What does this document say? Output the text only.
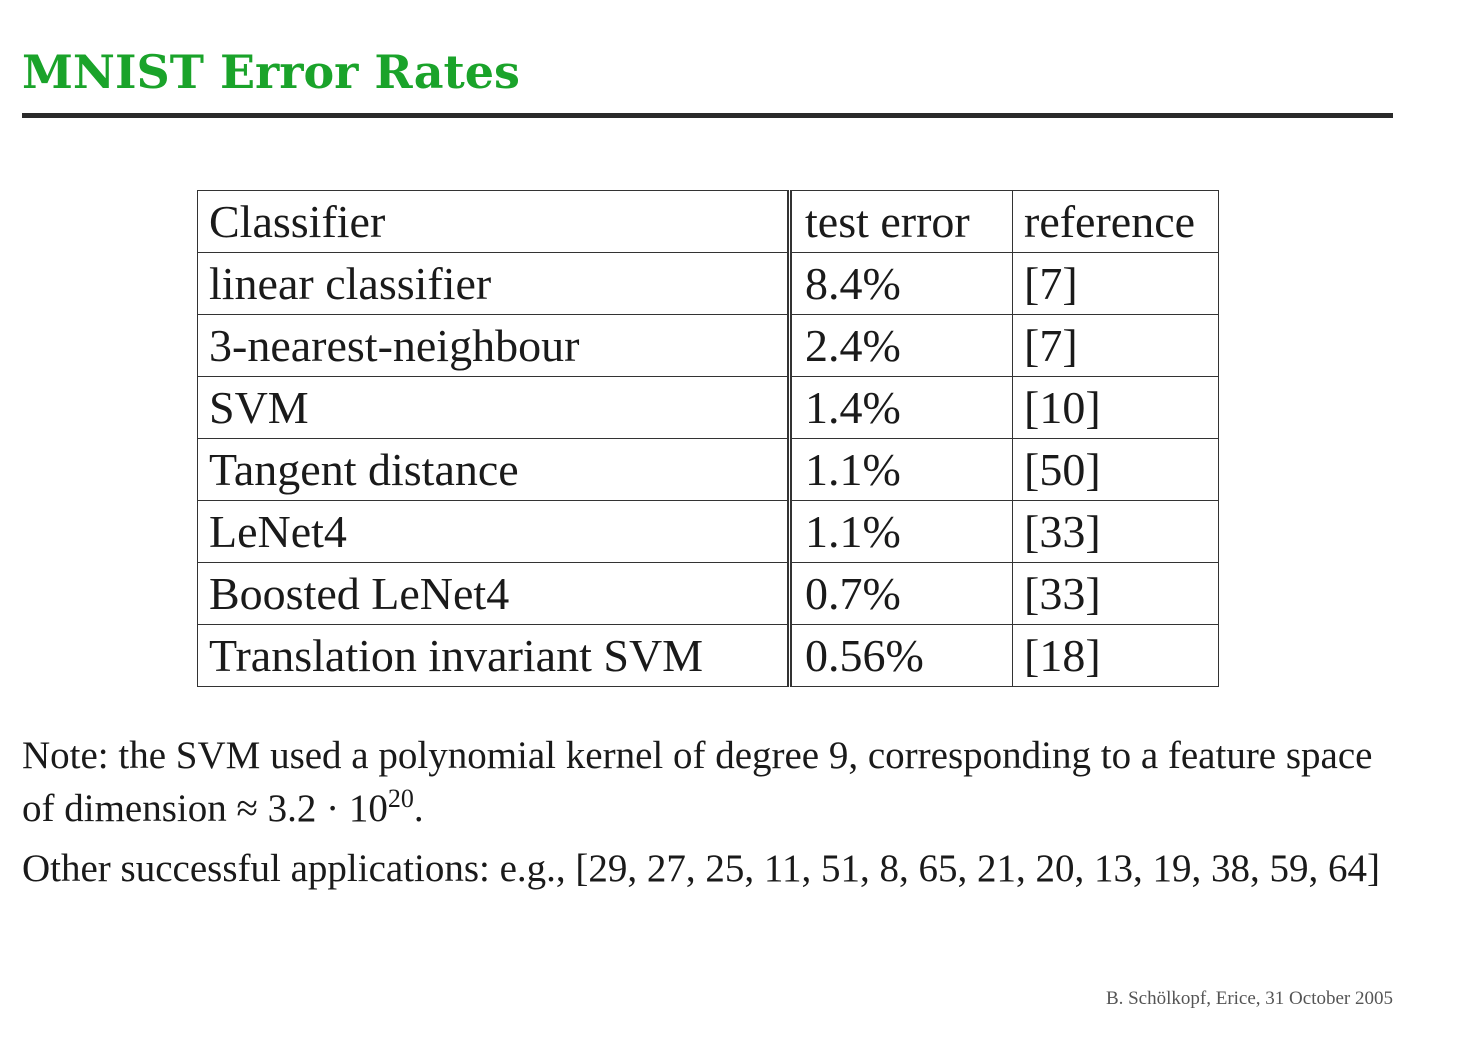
MNIST Error Rates
Classifier	test error	reference
linear classifier	8.4%	[7]
3-nearest-neighbour	2.4%	[7]
SVM	1.4%	[10]
Tangent distance	1.1%	[50]
LeNet4	1.1%	[33]
Boosted LeNet4	0.7%	[33]
Translation invariant SVM	0.56%	[18]

Note: the SVM used a polynomial kernel of degree 9, corresponding to a feature space of dimension ≈ $3.2 \cdot 10^{20}$.

Other successful applications: e.g., [29, 27, 25, 11, 51, 8, 65, 21, 20, 13, 19, 38, 59, 64]

B. Schölkopf, Erice, 31 October 2005
